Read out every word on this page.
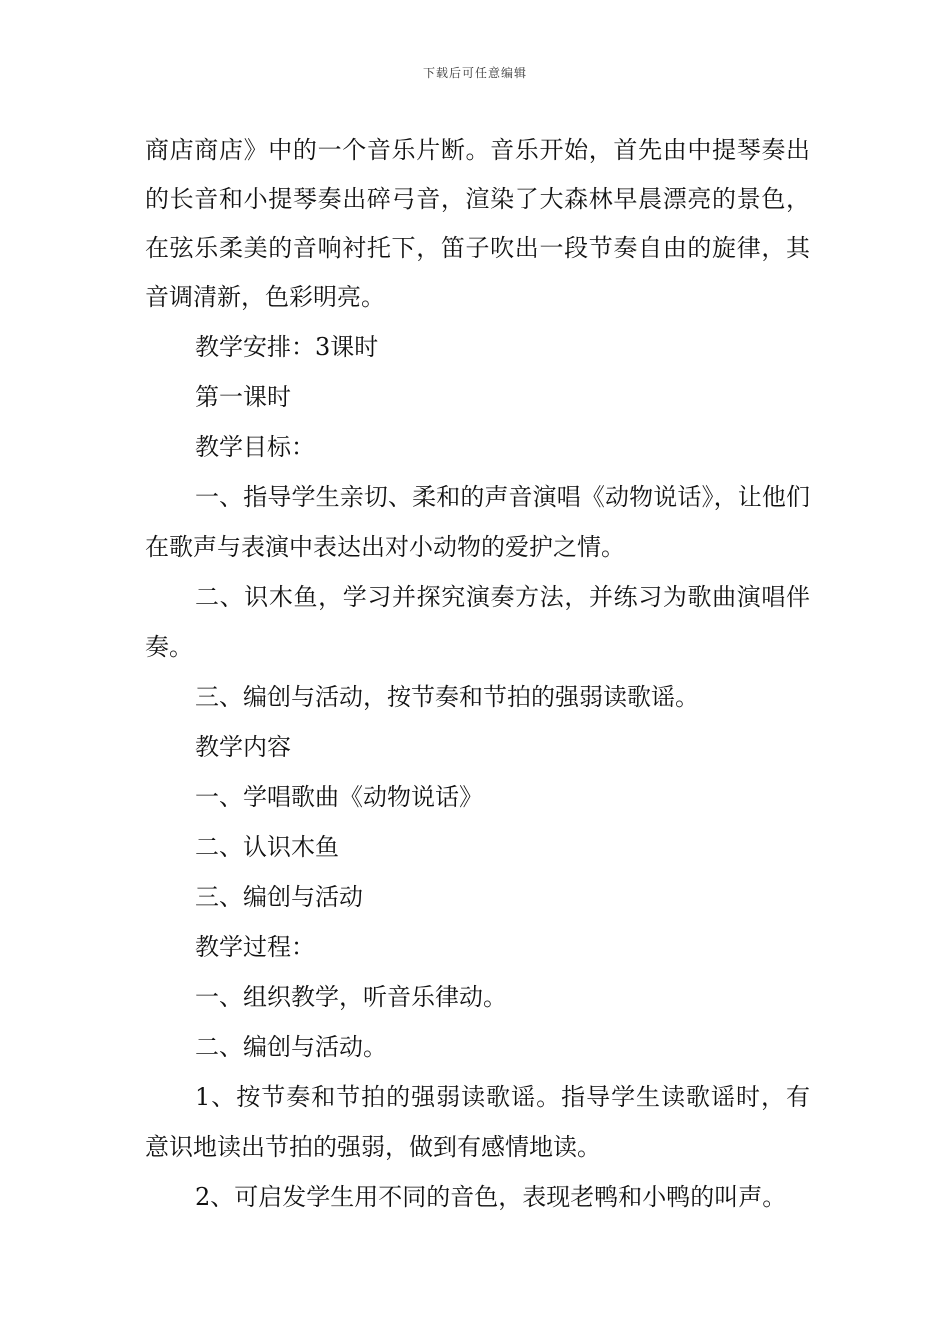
下载后可任意编辑

商店商店》中的一个音乐片断。音乐开始，首先由中提琴奏出的长音和小提琴奏出碎弓音，渲染了大森林早晨漂亮的景色，在弦乐柔美的音响衬托下，笛子吹出一段节奏自由的旋律，其音调清新，色彩明亮。

教学安排：3课时

第一课时

教学目标：

一、指导学生亲切、柔和的声音演唱《动物说话》，让他们在歌声与表演中表达出对小动物的爱护之情。

二、识木鱼，学习并探究演奏方法，并练习为歌曲演唱伴奏。

三、编创与活动，按节奏和节拍的强弱读歌谣。

教学内容

一、学唱歌曲《动物说话》

二、认识木鱼

三、编创与活动

教学过程：

一、组织教学，听音乐律动。

二、编创与活动。

1、按节奏和节拍的强弱读歌谣。指导学生读歌谣时，有意识地读出节拍的强弱，做到有感情地读。

2、可启发学生用不同的音色，表现老鸭和小鸭的叫声。
